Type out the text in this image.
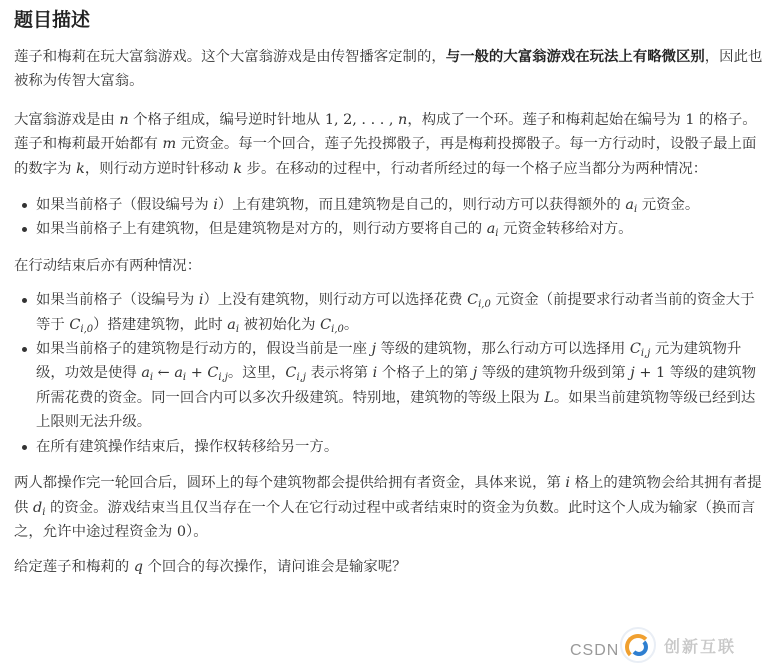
题目描述

莲子和梅莉在玩大富翁游戏。这个大富翁游戏是由传智播客定制的，与一般的大富翁游戏在玩法上有略微区别，因此也被称为传智大富翁。

大富翁游戏是由 n 个格子组成，编号逆时针地从 1, 2, . . . , n，构成了一个环。莲子和梅莉起始在编号为 1 的格子。莲子和梅莉最开始都有 m 元资金。每一个回合，莲子先投掷骰子，再是梅莉投掷骰子。每一方行动时，设骰子最上面的数字为 k，则行动方逆时针移动 k 步。在移动的过程中，行动者所经过的每一个格子应当都分为两种情况：

如果当前格子（假设编号为 i）上有建筑物，而且建筑物是自己的，则行动方可以获得额外的 $a_i$ 元资金。
如果当前格子上有建筑物，但是建筑物是对方的，则行动方要将自己的 $a_i$ 元资金转移给对方。

在行动结束后亦有两种情况：

如果当前格子（设编号为 i）上没有建筑物，则行动方可以选择花费 $C_{i,0}$ 元资金（前提要求行动者当前的资金大于等于 $C_{i,0}$）搭建建筑物，此时 $a_i$ 被初始化为 $C_{i,0}$。
如果当前格子的建筑物是行动方的，假设当前是一座 j 等级的建筑物，那么行动方可以选择用 $C_{i,j}$ 元为建筑物升级，功效是使得 $a_i$ ← $a_i + C_{i,j}$。这里，$C_{i,j}$ 表示将第 i 个格子上的第 j 等级的建筑物升级到第 j + 1 等级的建筑物所需花费的资金。同一回合内可以多次升级建筑。特别地，建筑物的等级上限为 L。如果当前建筑物等级已经到达上限则无法升级。
在所有建筑操作结束后，操作权转移给另一方。

两人都操作完一轮回合后，圆环上的每个建筑物都会提供给拥有者资金，具体来说，第 i 格上的建筑物会给其拥有者提供 $d_i$ 的资金。游戏结束当且仅当存在一个人在它行动过程中或者结束时的资金为负数。此时这个人成为输家（换而言之，允许中途过程资金为 0）。

给定莲子和梅莉的 q 个回合的每次操作，请问谁会是输家呢？

CSDN	创新互联
